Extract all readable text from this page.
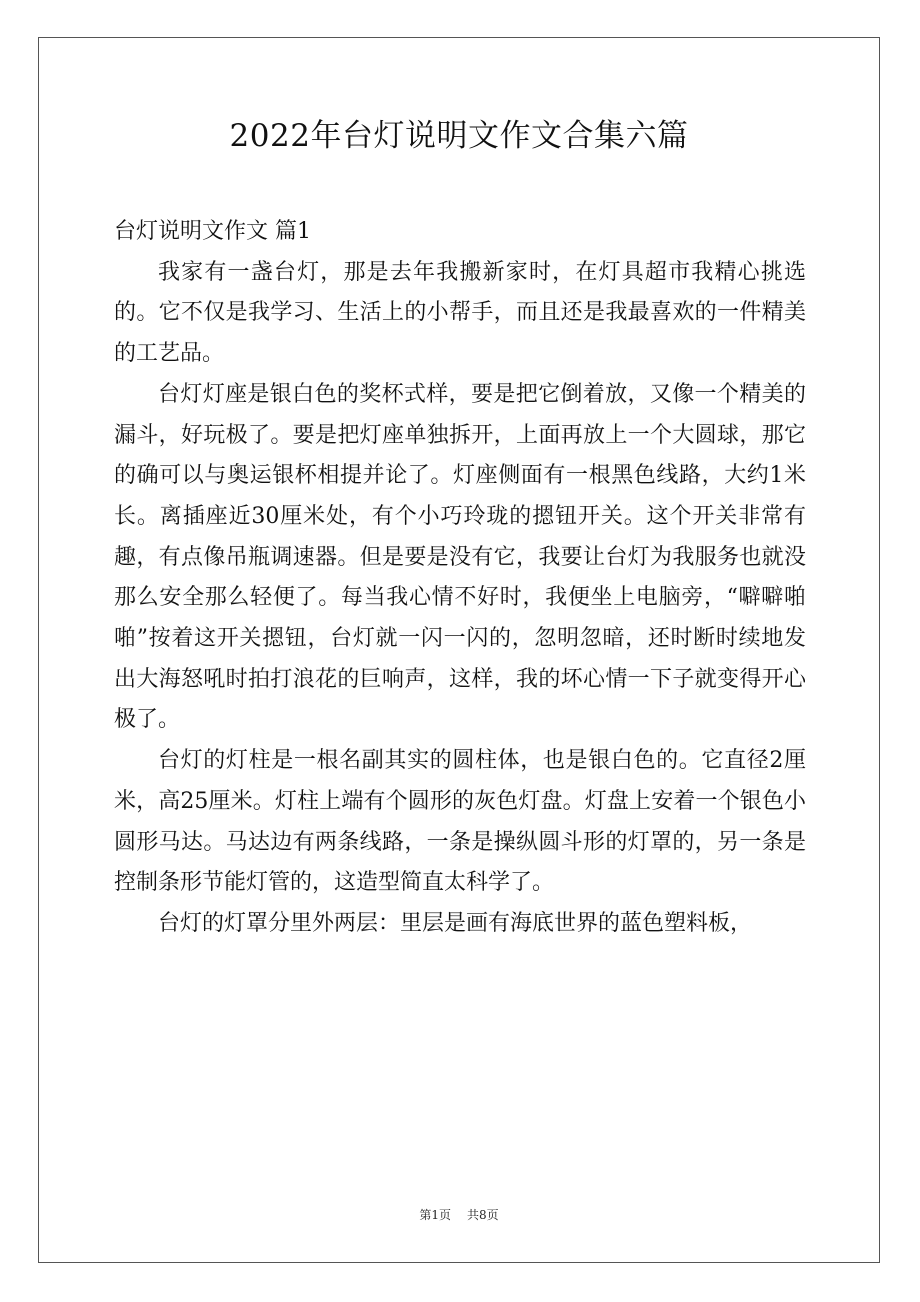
2022年台灯说明文作文合集六篇

台灯说明文作文 篇1

我家有一盏台灯，那是去年我搬新家时，在灯具超市我精心挑选的。它不仅是我学习、生活上的小帮手，而且还是我最喜欢的一件精美的工艺品。

台灯灯座是银白色的奖杯式样，要是把它倒着放，又像一个精美的漏斗，好玩极了。要是把灯座单独拆开，上面再放上一个大圆球，那它的确可以与奥运银杯相提并论了。灯座侧面有一根黑色线路，大约1米长。离插座近30厘米处，有个小巧玲珑的摁钮开关。这个开关非常有趣，有点像吊瓶调速器。但是要是没有它，我要让台灯为我服务也就没那么安全那么轻便了。每当我心情不好时，我便坐上电脑旁，“噼噼啪啪”按着这开关摁钮，台灯就一闪一闪的，忽明忽暗，还时断时续地发出大海怒吼时拍打浪花的巨响声，这样，我的坏心情一下子就变得开心极了。

台灯的灯柱是一根名副其实的圆柱体，也是银白色的。它直径2厘米，高25厘米。灯柱上端有个圆形的灰色灯盘。灯盘上安着一个银色小圆形马达。马达边有两条线路，一条是操纵圆斗形的灯罩的，另一条是控制条形节能灯管的，这造型简直太科学了。

台灯的灯罩分里外两层：里层是画有海底世界的蓝色塑料板，

第1页 共8页
